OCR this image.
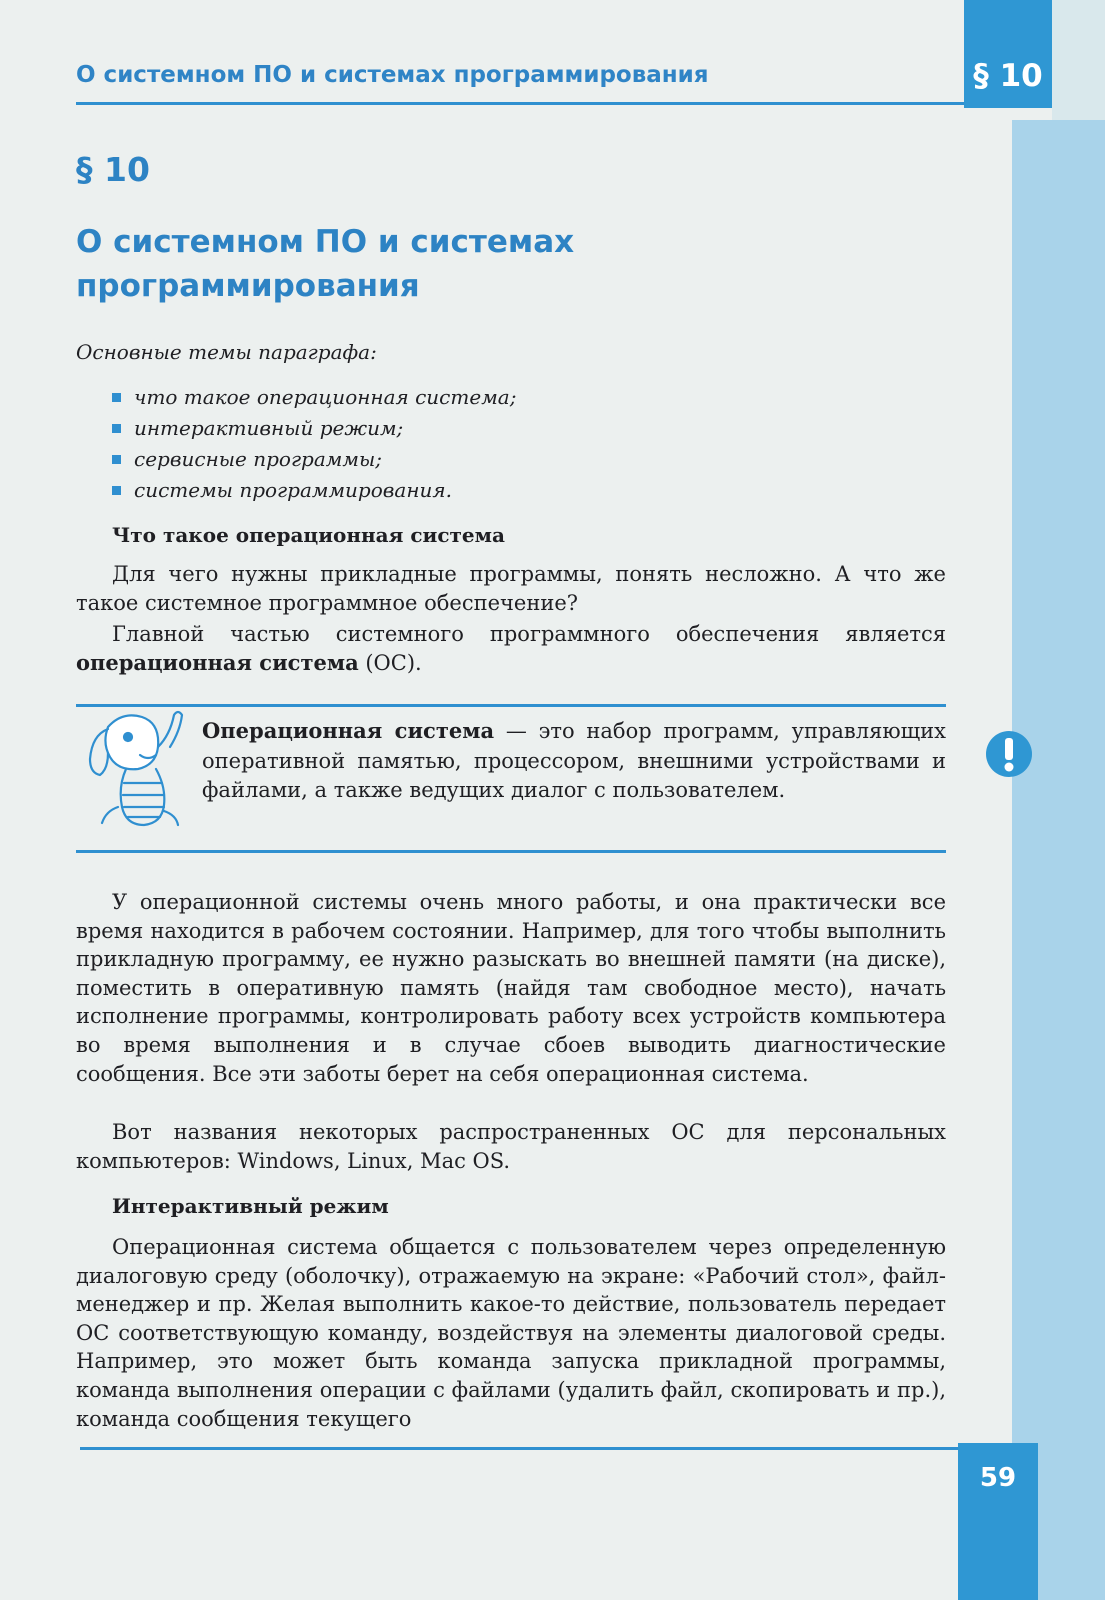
§ 10
О системном ПО и системах программирования
§ 10
О системном ПО и системах программирования
Основные темы параграфа:
что такое операционная система;
интерактивный режим;
сервисные программы;
системы программирования.
Что такое операционная система

Для чего нужны прикладные программы, понять несложно. А что же такое системное программное обеспечение?

Главной частью системного программного обеспечения является операционная система (ОС).

Операционная система — это набор программ, управляющих оперативной памятью, процессором, внешними устройствами и файлами, а также ведущих диалог с пользователем.

У операционной системы очень много работы, и она практически все время находится в рабочем состоянии. Например, для того чтобы выполнить прикладную программу, ее нужно разыскать во внешней памяти (на диске), поместить в оперативную память (найдя там свободное место), начать исполнение программы, контролировать работу всех устройств компьютера во время выполнения и в случае сбоев выводить диагностические сообщения. Все эти заботы берет на себя операционная система.

Вот названия некоторых распространенных ОС для персональных компьютеров: Windows, Linux, Mac OS.

Интерактивный режим

Операционная система общается с пользователем через определенную диалоговую среду (оболочку), отражаемую на экране: «Рабочий стол», файл-менеджер и пр. Желая выполнить какое-то действие, пользователь передает ОС соответствующую команду, воздействуя на элементы диалоговой среды. Например, это может быть команда запуска прикладной программы, команда выполнения операции с файлами (удалить файл, скопировать и пр.), команда сообщения текущего

59
